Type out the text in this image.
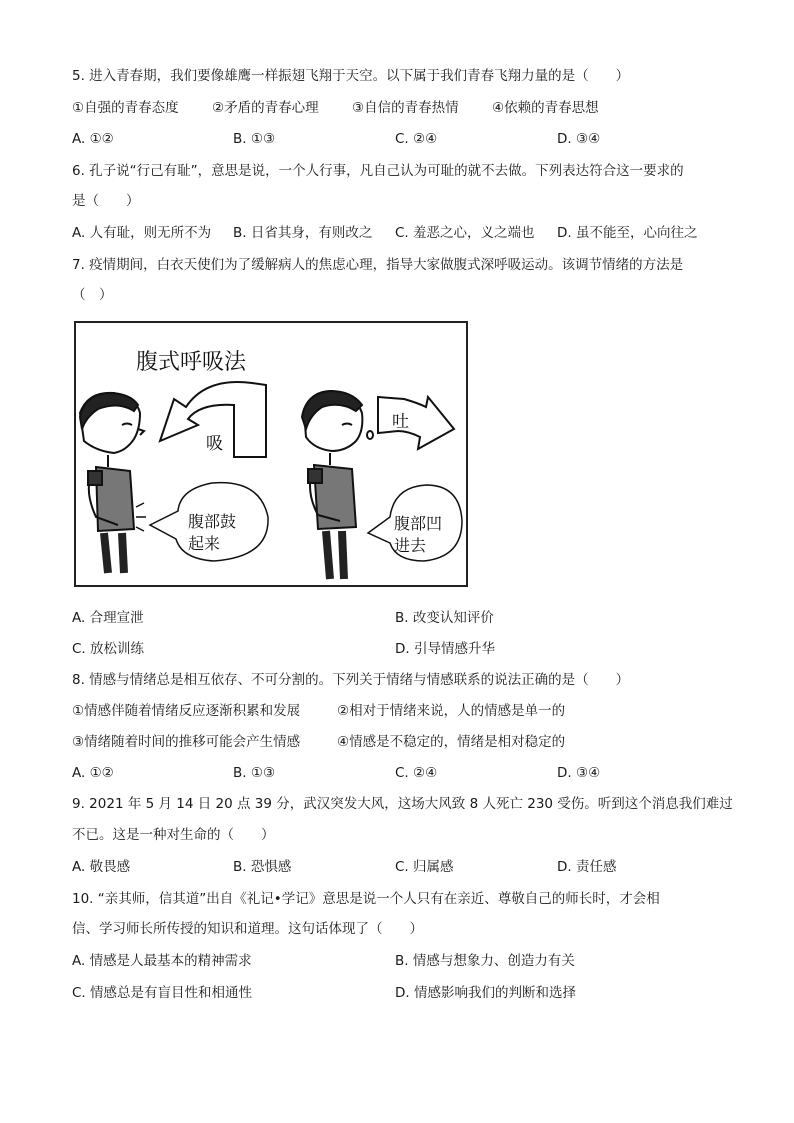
5. 进入青春期，我们要像雄鹰一样振翅飞翔于天空。以下属于我们青春飞翔力量的是（　　）
①自强的青春态度 ②矛盾的青春心理 ③自信的青春热情 ④依赖的青春思想
A. ①②	B. ①③	C. ②④	D. ③④
6. 孔子说“行己有耻”，意思是说，一个人行事，凡自己认为可耻的就不去做。下列表达符合这一要求的
是（　　）
A. 人有耻，则无所不为 B. 日省其身，有则改之 C. 羞恶之心，义之端也 D. 虽不能至，心向往之
7. 疫情期间，白衣天使们为了缓解病人的焦虑心理，指导大家做腹式深呼吸运动。该调节情绪的方法是
（　）
腹式呼吸法
吸
腹部鼓
起来
吐
腹部凹
进去
A. 合理宣泄	B. 改变认知评价
C. 放松训练	D. 引导情感升华
8. 情感与情绪总是相互依存、不可分割的。下列关于情绪与情感联系的说法正确的是（　　）
①情感伴随着情绪反应逐渐积累和发展	②相对于情绪来说，人的情感是单一的
③情绪随着时间的推移可能会产生情感	④情感是不稳定的，情绪是相对稳定的
A. ①②	B. ①③	C. ②④	D. ③④
9. 2021 年 5 月 14 日 20 点 39 分，武汉突发大风，这场大风致 8 人死亡 230 受伤。听到这个消息我们难过
不已。这是一种对生命的（　　）
A. 敬畏感	B. 恐惧感	C. 归属感	D. 责任感
10. “亲其师，信其道”出自《礼记•学记》意思是说一个人只有在亲近、尊敬自己的师长时，才会相
信、学习师长所传授的知识和道理。这句话体现了（　　）
A. 情感是人最基本的精神需求	B. 情感与想象力、创造力有关
C. 情感总是有盲目性和相通性	D. 情感影响我们的判断和选择
